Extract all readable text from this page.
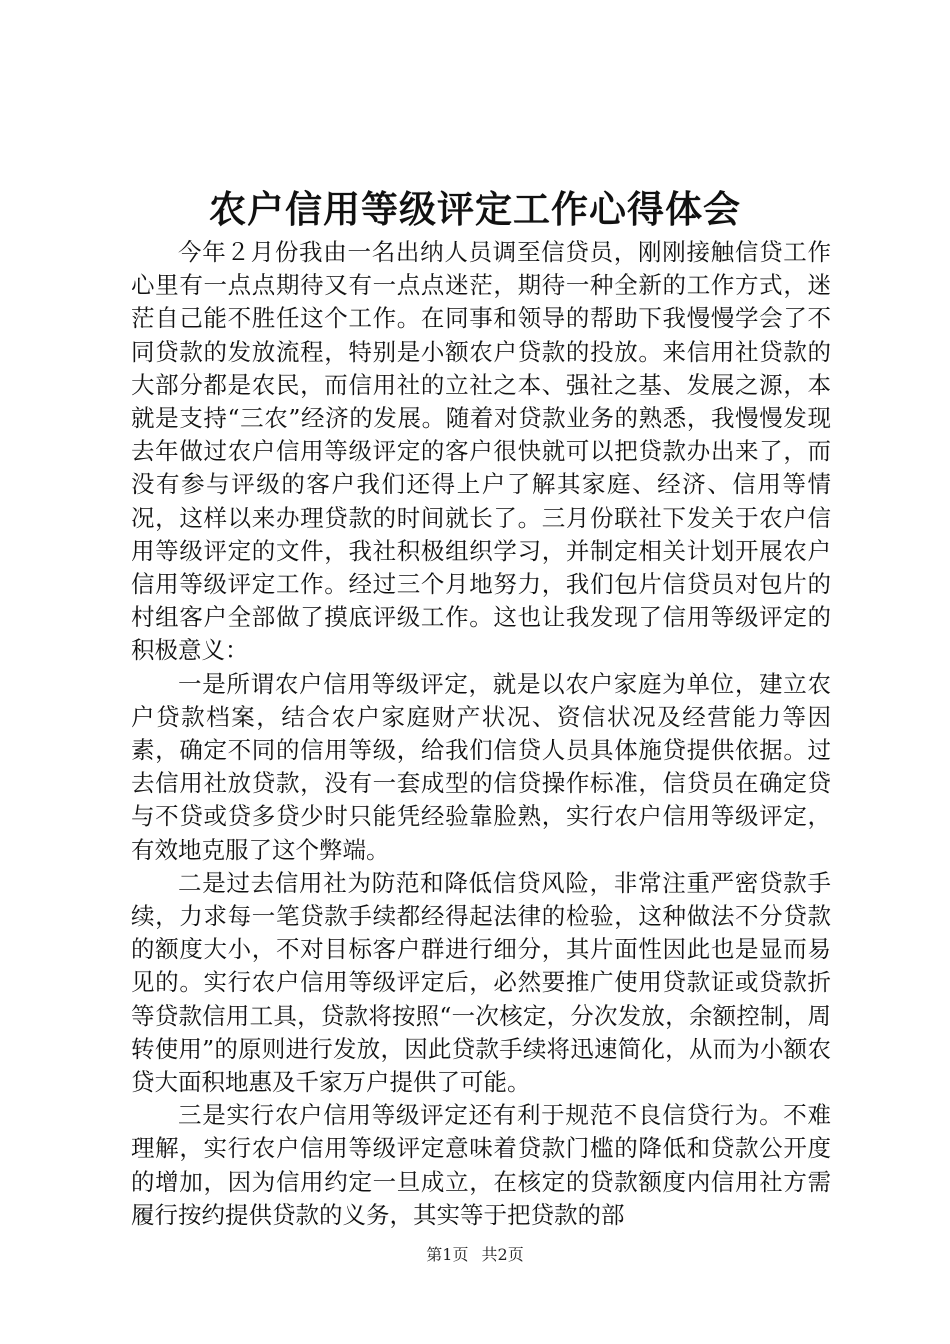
农户信用等级评定工作心得体会

今年２月份我由一名出纳人员调至信贷员，刚刚接触信贷工作心里有一点点期待又有一点点迷茫，期待一种全新的工作方式，迷茫自己能不胜任这个工作。在同事和领导的帮助下我慢慢学会了不同贷款的发放流程，特别是小额农户贷款的投放。来信用社贷款的大部分都是农民，而信用社的立社之本、强社之基、发展之源，本就是支持“三农”经济的发展。随着对贷款业务的熟悉，我慢慢发现去年做过农户信用等级评定的客户很快就可以把贷款办出来了，而没有参与评级的客户我们还得上户了解其家庭、经济、信用等情况，这样以来办理贷款的时间就长了。三月份联社下发关于农户信用等级评定的文件，我社积极组织学习，并制定相关计划开展农户信用等级评定工作。经过三个月地努力，我们包片信贷员对包片的村组客户全部做了摸底评级工作。这也让我发现了信用等级评定的积极意义：

一是所谓农户信用等级评定，就是以农户家庭为单位，建立农户贷款档案，结合农户家庭财产状况、资信状况及经营能力等因素，确定不同的信用等级，给我们信贷人员具体施贷提供依据。过去信用社放贷款，没有一套成型的信贷操作标准，信贷员在确定贷与不贷或贷多贷少时只能凭经验靠脸熟，实行农户信用等级评定，有效地克服了这个弊端。

二是过去信用社为防范和降低信贷风险，非常注重严密贷款手续，力求每一笔贷款手续都经得起法律的检验，这种做法不分贷款的额度大小，不对目标客户群进行细分，其片面性因此也是显而易见的。实行农户信用等级评定后，必然要推广使用贷款证或贷款折等贷款信用工具，贷款将按照“一次核定，分次发放，余额控制，周转使用”的原则进行发放，因此贷款手续将迅速简化，从而为小额农贷大面积地惠及千家万户提供了可能。

三是实行农户信用等级评定还有利于规范不良信贷行为。不难理解，实行农户信用等级评定意味着贷款门槛的降低和贷款公开度的增加，因为信用约定一旦成立，在核定的贷款额度内信用社方需履行按约提供贷款的义务，其实等于把贷款的部

第1页 共2页
